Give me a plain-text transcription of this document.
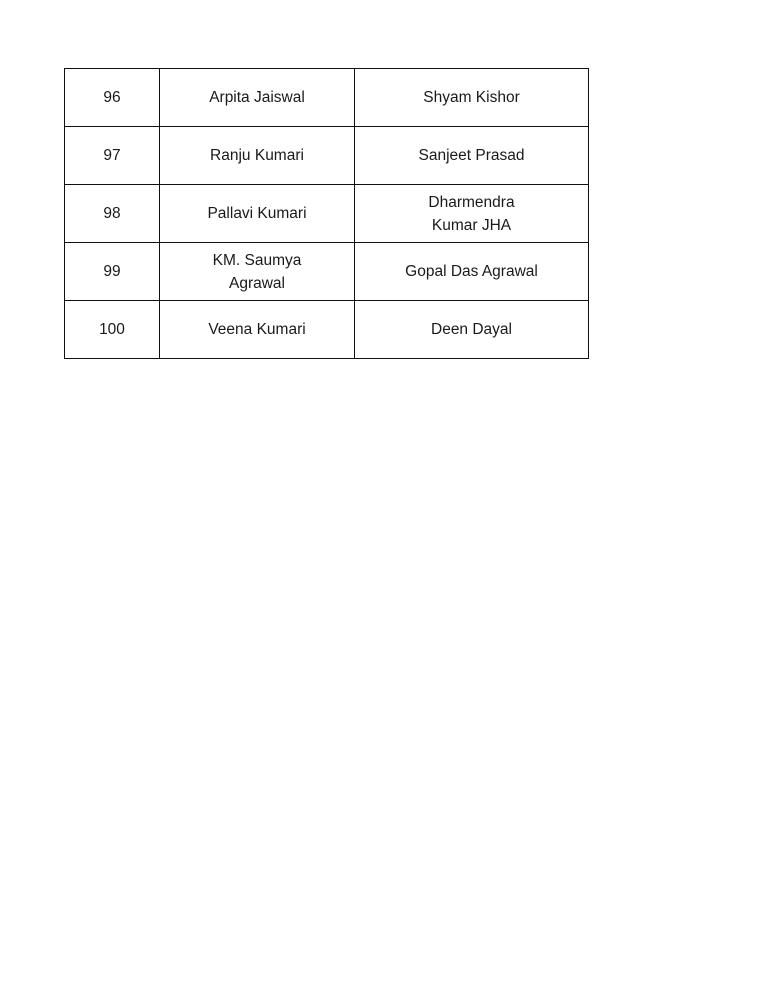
96	Arpita Jaiswal	Shyam Kishor

97	Ranju Kumari	Sanjeet Prasad

98	Pallavi Kumari	Dharmendra
Kumar JHA

99	KM. Saumya
Agrawal	Gopal Das Agrawal

100	Veena Kumari	Deen Dayal
